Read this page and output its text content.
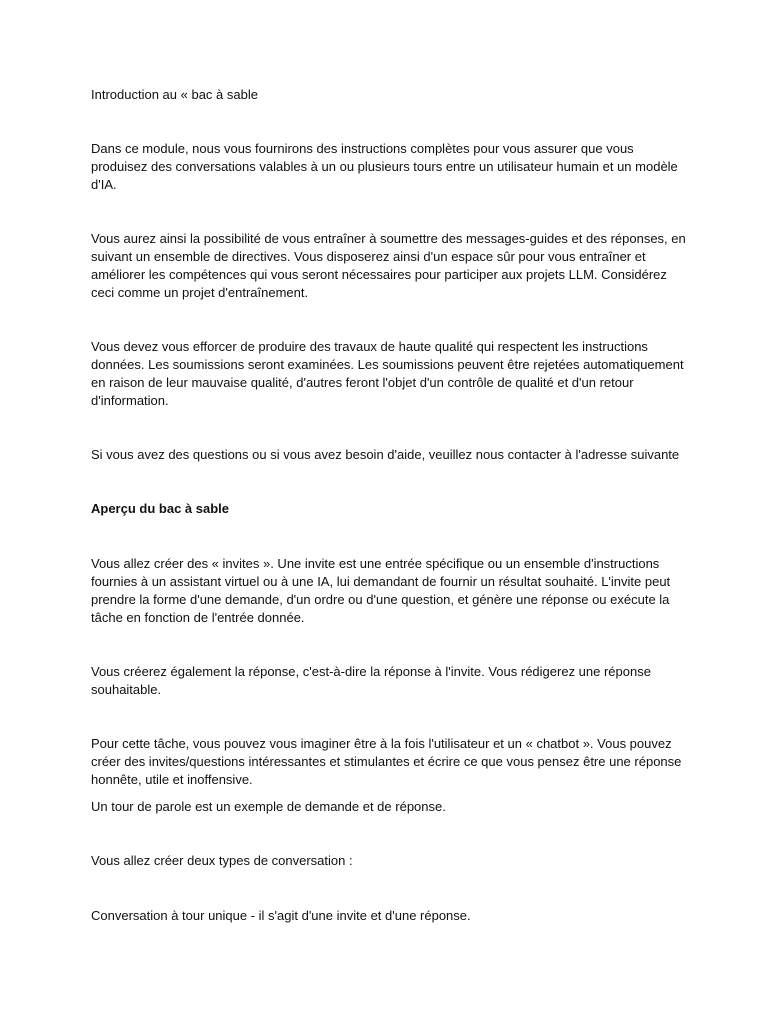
Introduction au « bac à sable

Dans ce module, nous vous fournirons des instructions complètes pour vous assurer que vous produisez des conversations valables à un ou plusieurs tours entre un utilisateur humain et un modèle d'IA.

Vous aurez ainsi la possibilité de vous entraîner à soumettre des messages-guides et des réponses, en suivant un ensemble de directives. Vous disposerez ainsi d'un espace sûr pour vous entraîner et améliorer les compétences qui vous seront nécessaires pour participer aux projets LLM. Considérez ceci comme un projet d'entraînement.

Vous devez vous efforcer de produire des travaux de haute qualité qui respectent les instructions données. Les soumissions seront examinées. Les soumissions peuvent être rejetées automatiquement en raison de leur mauvaise qualité, d'autres feront l'objet d'un contrôle de qualité et d'un retour d'information.

Si vous avez des questions ou si vous avez besoin d'aide, veuillez nous contacter à l'adresse suivante

Aperçu du bac à sable

Vous allez créer des « invites ». Une invite est une entrée spécifique ou un ensemble d'instructions fournies à un assistant virtuel ou à une IA, lui demandant de fournir un résultat souhaité. L'invite peut prendre la forme d'une demande, d'un ordre ou d'une question, et génère une réponse ou exécute la tâche en fonction de l'entrée donnée.

Vous créerez également la réponse, c'est-à-dire la réponse à l'invite. Vous rédigerez une réponse souhaitable.

Pour cette tâche, vous pouvez vous imaginer être à la fois l'utilisateur et un « chatbot ». Vous pouvez créer des invites/questions intéressantes et stimulantes et écrire ce que vous pensez être une réponse honnête, utile et inoffensive.

Un tour de parole est un exemple de demande et de réponse.

Vous allez créer deux types de conversation :

Conversation à tour unique - il s'agit d'une invite et d'une réponse.
